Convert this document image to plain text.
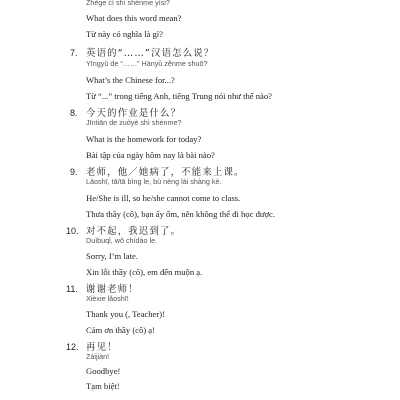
Zhège cí shì shénme yìsi?
What does this word mean?
Từ này có nghĩa là gì?
7. 英语的“……”汉语怎么说？
Yīngyǔ de “……” Hànyǔ zěnme shuō?
What’s the Chinese for...?
Từ “...” trong tiếng Anh, tiếng Trung nói như thế nào?
8. 今天的作业是什么？
Jīntiān de zuòyè shì shénme?
What is the homework for today?
Bài tập của ngày hôm nay là bài nào?
9. 老师，他／她病了，不能来上课。
Lǎoshī, tā/tā bìng le, bù néng lái shàng kè.
He/She is ill, so he/she cannot come to class.
Thưa thầy (cô), bạn ấy ốm, nên không thể đi học được.
10. 对不起，我迟到了。
Duìbuqǐ, wǒ chídào le.
Sorry, I’m late.
Xin lỗi thầy (cô), em đến muộn ạ.
11. 谢谢老师！
Xièxie lǎoshī!
Thank you (, Teacher)!
Cảm ơn thầy (cô) ạ!
12. 再见！
Zàijiàn!
Goodbye!
Tạm biệt!
